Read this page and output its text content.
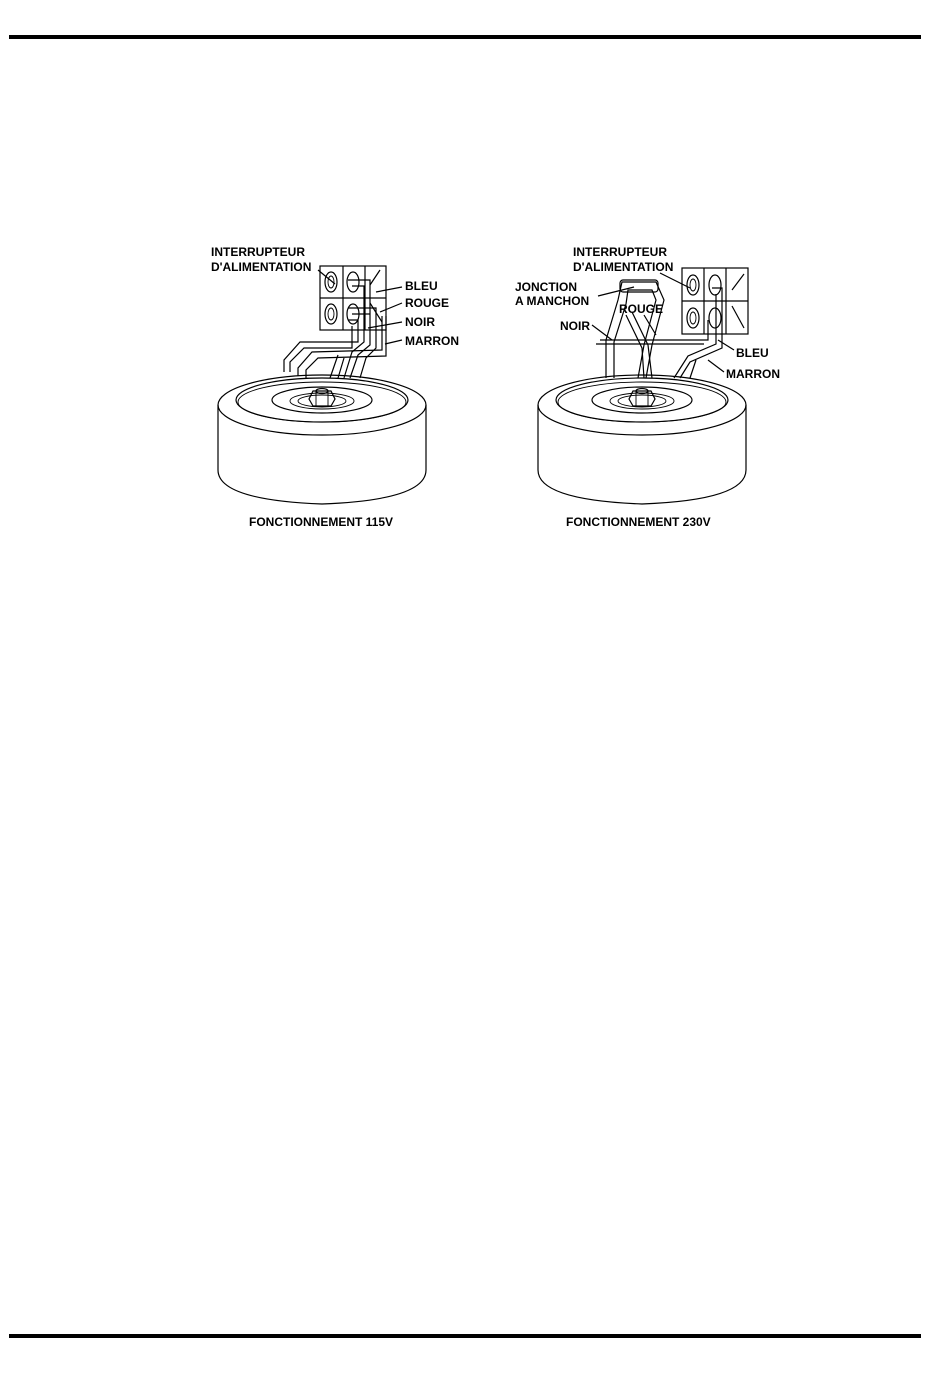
INTERRUPTEUR
D'ALIMENTATION
BLEU
ROUGE
NOIR
MARRON
FONCTIONNEMENT 115V
INTERRUPTEUR
D'ALIMENTATION
JONCTION
A MANCHON
ROUGE
NOIR
BLEU
MARRON
FONCTIONNEMENT 230V
